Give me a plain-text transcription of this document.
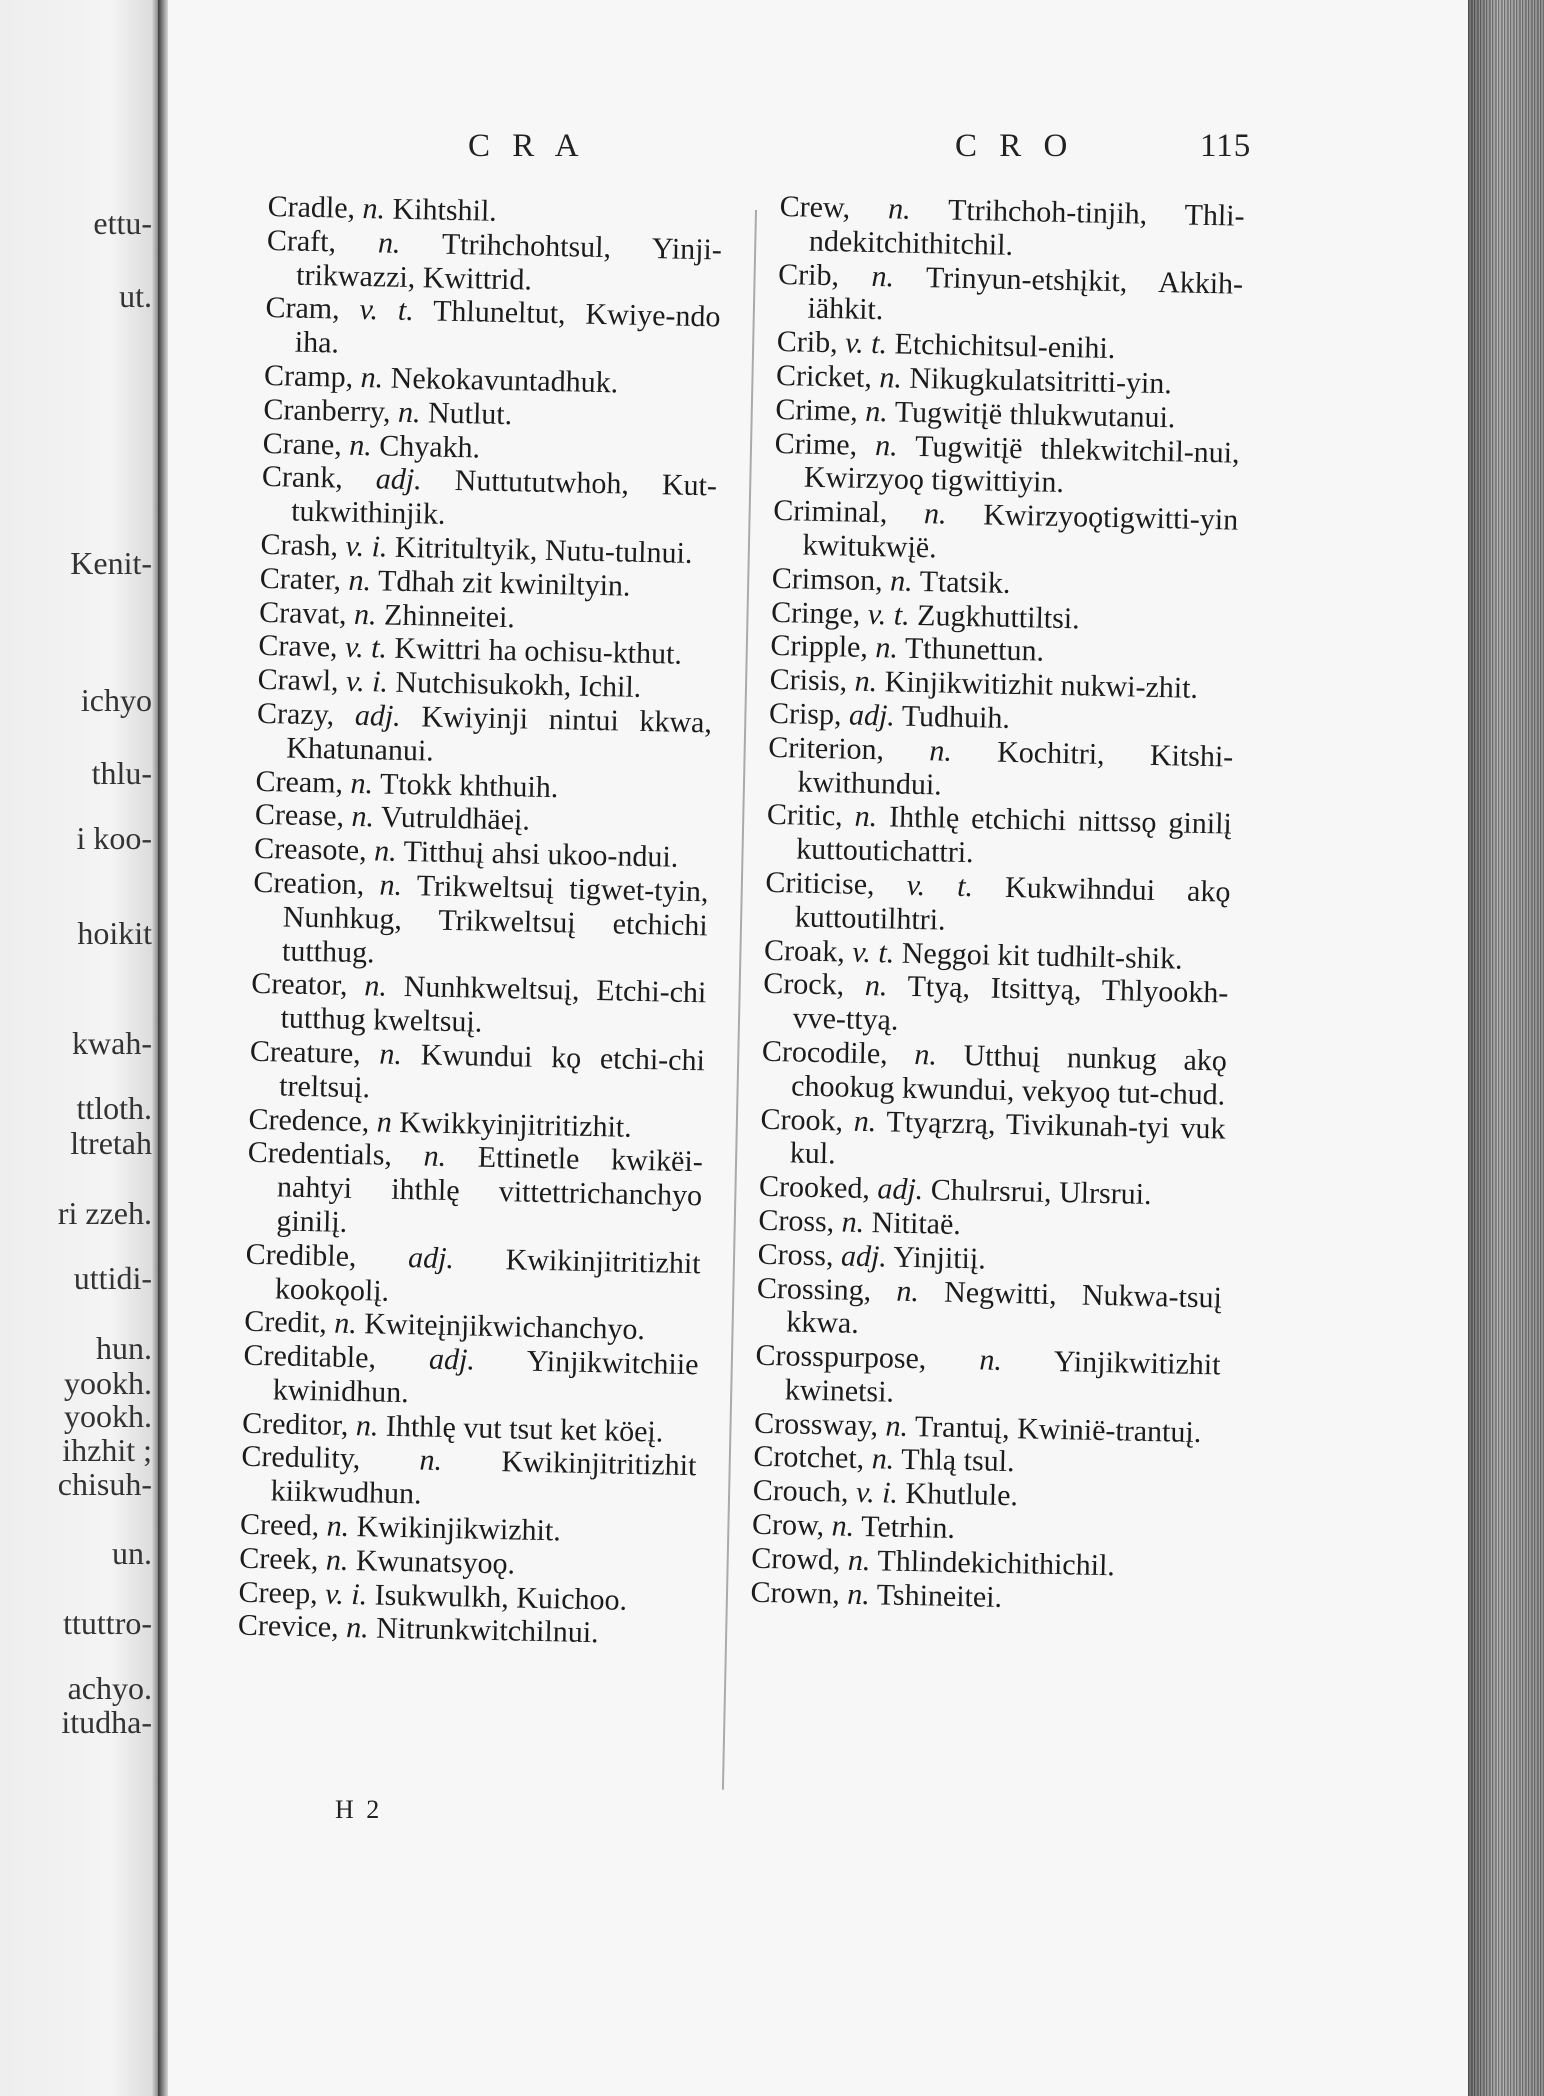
ettu-
ut.
Kenit-
ichyo
thlu-
i koo-
hoikit
kwah-
ttloth.
ltretah
ri zzeh.
uttidi-
hun.
yookh.
yookh.
ihzhit ;
chisuh-
un.
ttuttro-
achyo.
itudha-
C R A	C R O	115
Cradle, n. Kihtshil.
Craft, n. Ttrihchohtsul, Yinji-trikwazzi, Kwittrid.
Cram, v. t. Thluneltut, Kwiye-ndo iha.
Cramp, n. Nekokavuntadhuk.
Cranberry, n. Nutlut.
Crane, n. Chyakh.
Crank, adj. Nuttututwhoh, Kut-tukwithinjik.
Crash, v. i. Kitritultyik, Nutu-tulnui.
Crater, n. Tdhah zit kwiniltyin.
Cravat, n. Zhinneitei.
Crave, v. t. Kwittri ha ochisu-kthut.
Crawl, v. i. Nutchisukokh, Ichil.
Crazy, adj. Kwiyinji nintui kkwa, Khatunanui.
Cream, n. Ttokk khthuih.
Crease, n. Vutruldhäeį.
Creasote, n. Titthuį ahsi ukoo-ndui.
Creation, n. Trikweltsuį tigwet-tyin, Nunhkug, Trikweltsuį etchichi tutthug.
Creator, n. Nunhkweltsuį, Etchi-chi tutthug kweltsuį.
Creature, n. Kwundui kǫ etchi-chi treltsuį.
Credence, n Kwikkyinjitritizhit.
Credentials, n. Ettinetle kwikëi-nahtyi ihthlę vittettrichanchyo ginilį.
Credible, adj. Kwikinjitritizhit kookǫolį.
Credit, n. Kwiteįnjikwichanchyo.
Creditable, adj. Yinjikwitchiie kwinidhun.
Creditor, n. Ihthlę vut tsut ket köeį.
Credulity, n. Kwikinjitritizhit kiikwudhun.
Creed, n. Kwikinjikwizhit.
Creek, n. Kwunatsyoǫ.
Creep, v. i. Isukwulkh, Kuichoo.
Crevice, n. Nitrunkwitchilnui.
Crew, n. Ttrihchoh-tinjih, Thli-ndekitchithitchil.
Crib, n. Trinyun-etshįkit, Akkih-iähkit.
Crib, v. t. Etchichitsul-enihi.
Cricket, n. Nikugkulatsitritti-yin.
Crime, n. Tugwitįë thlukwutanui.
Crime, n. Tugwitįë thlekwitchil-nui, Kwirzyoǫ tigwittiyin.
Criminal, n. Kwirzyoǫtigwitti-yin kwitukwįë.
Crimson, n. Ttatsik.
Cringe, v. t. Zugkhuttiltsi.
Cripple, n. Tthunettun.
Crisis, n. Kinjikwitizhit nukwi-zhit.
Crisp, adj. Tudhuih.
Criterion, n. Kochitri, Kitshi-kwithundui.
Critic, n. Ihthlę etchichi nittssǫ ginilį kuttoutichattri.
Criticise, v. t. Kukwihndui akǫ kuttoutilhtri.
Croak, v. t. Neggoi kit tudhilt-shik.
Crock, n. Ttyą, Itsittyą, Thlyookh-vve-ttyą.
Crocodile, n. Utthuį nunkug akǫ chookug kwundui, vekyoǫ tut-chud.
Crook, n. Ttyąrzrą, Tivikunah-tyi vuk kul.
Crooked, adj. Chulrsrui, Ulrsrui.
Cross, n. Nititaë.
Cross, adj. Yinjitiį.
Crossing, n. Negwitti, Nukwa-tsuį kkwa.
Crosspurpose, n. Yinjikwitizhit kwinetsi.
Crossway, n. Trantuį, Kwiniё-trantuį.
Crotchet, n. Thlą tsul.
Crouch, v. i. Khutlule.
Crow, n. Tetrhin.
Crowd, n. Thlindekichithichil.
Crown, n. Tshineitei.
H 2
